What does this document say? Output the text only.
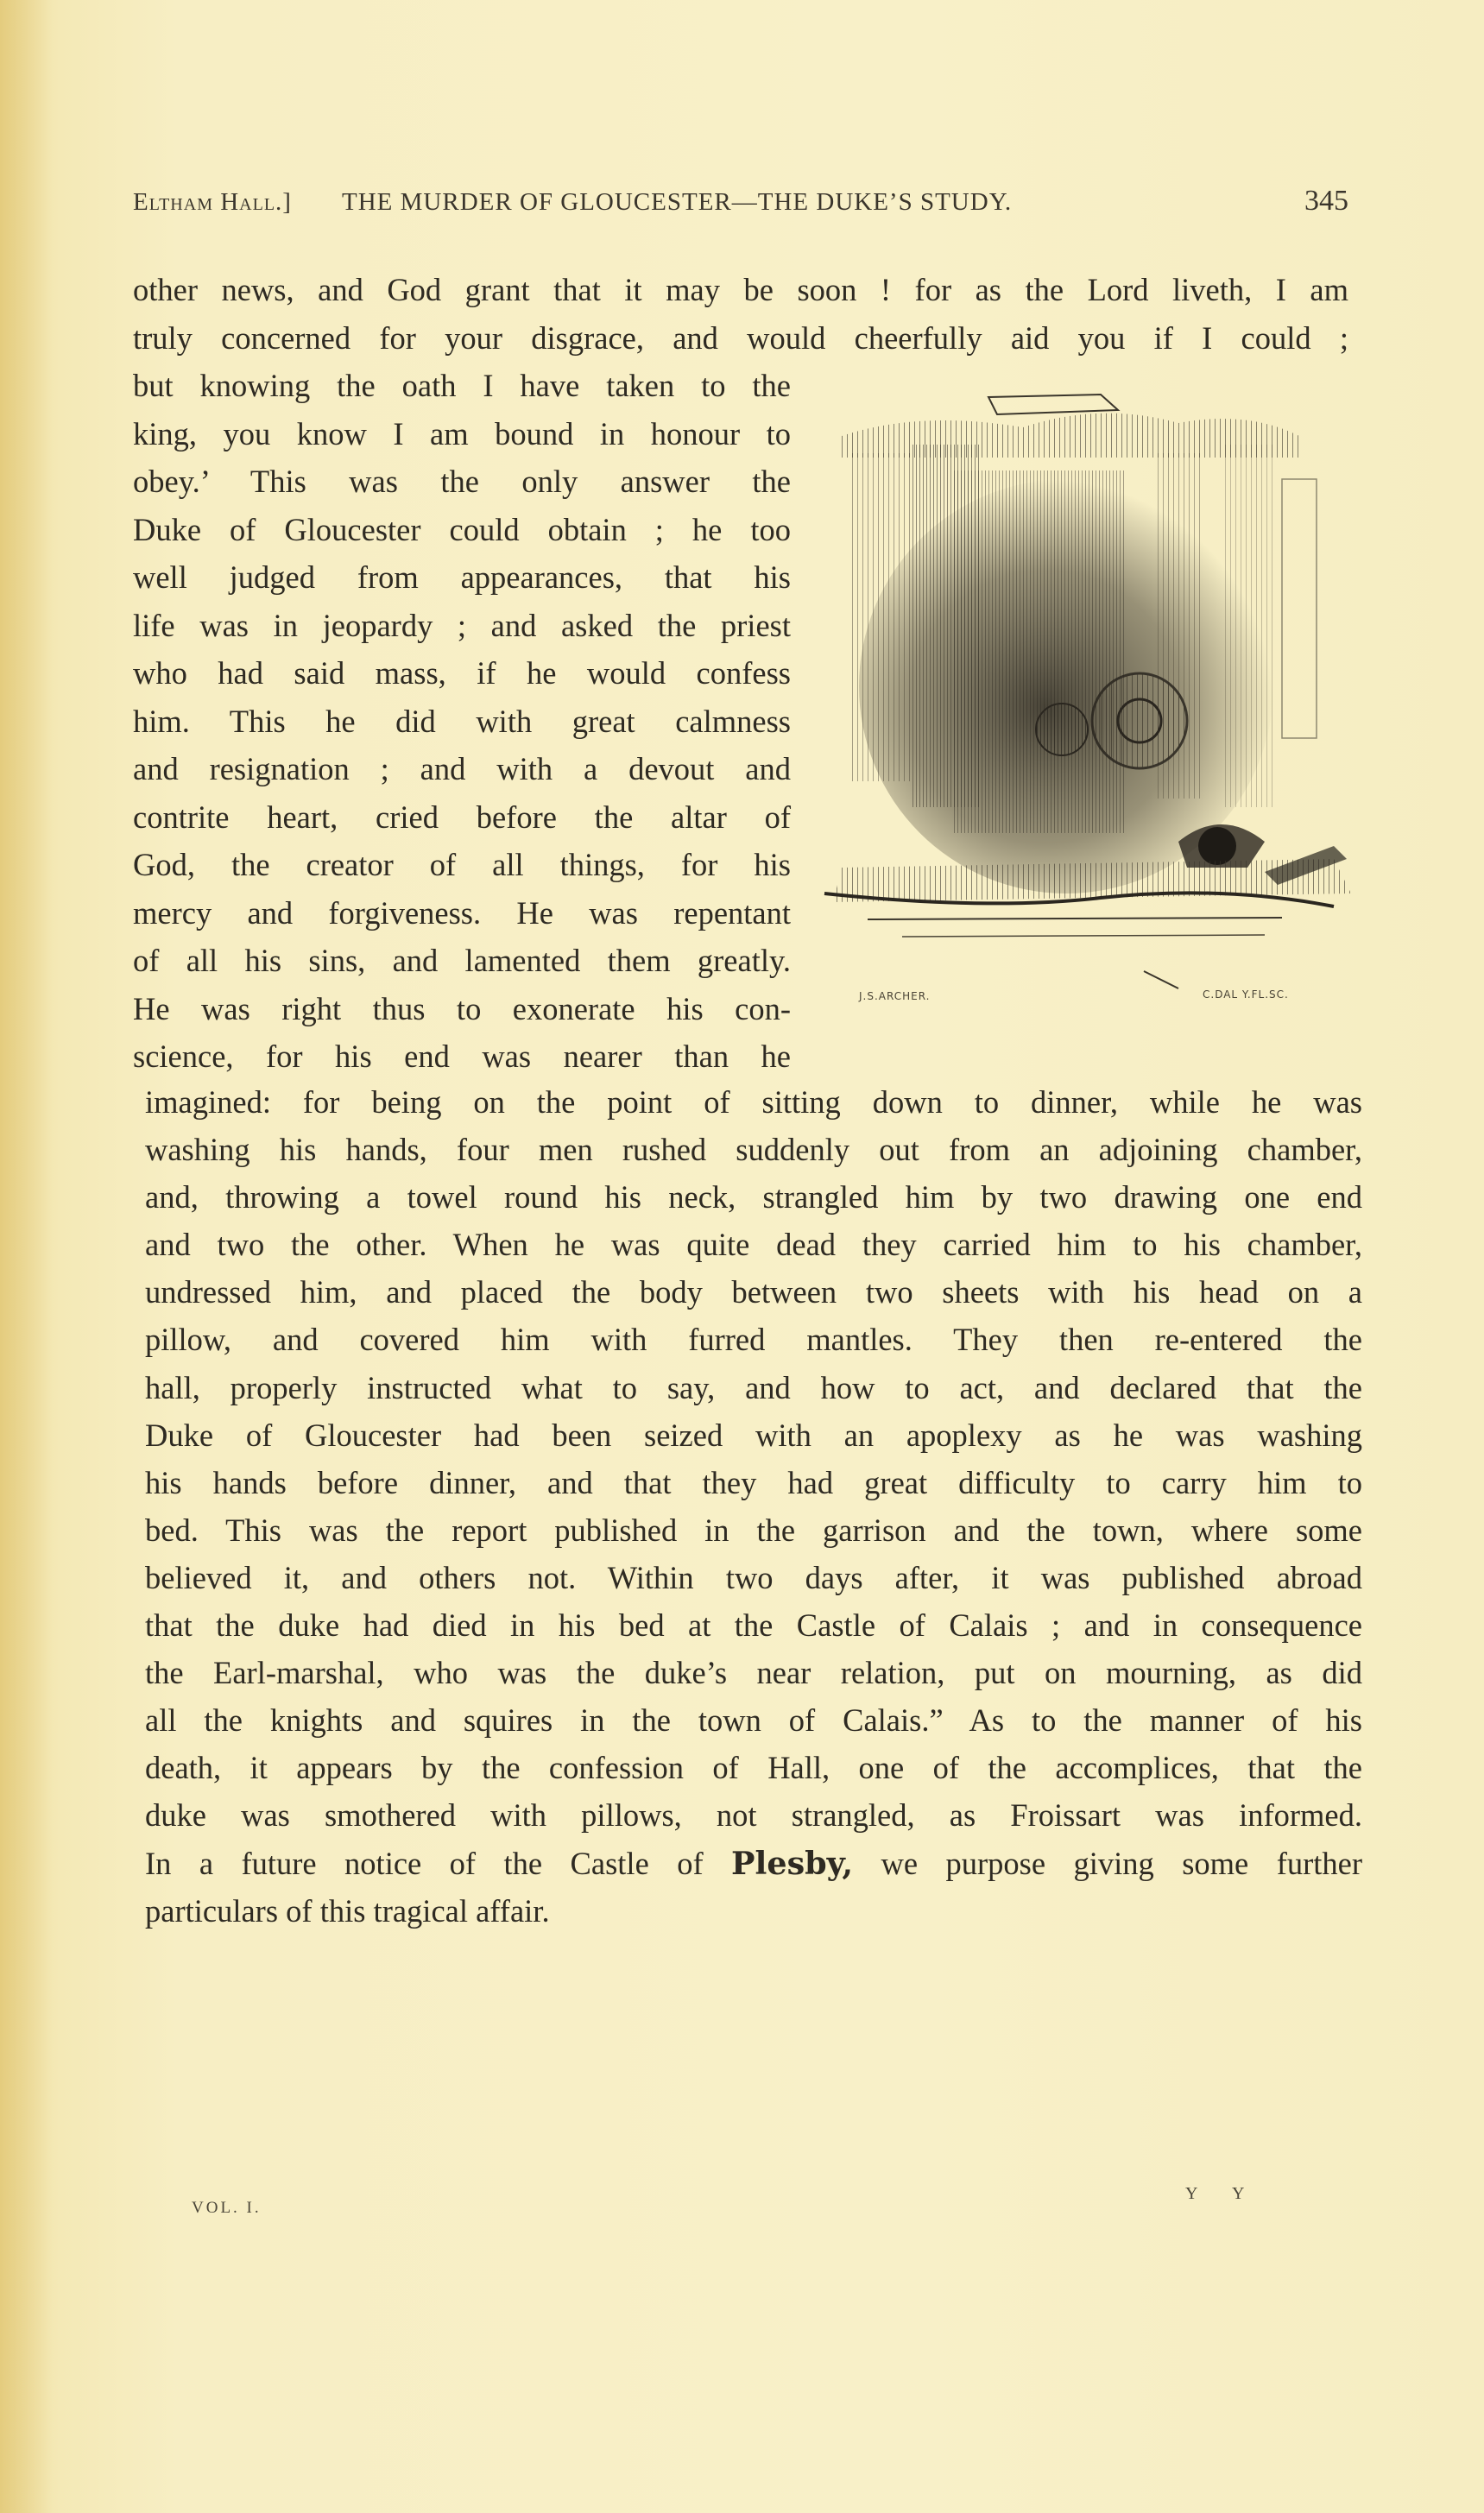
Eltham Hall.] THE MURDER OF GLOUCESTER—THE DUKE’S STUDY.	345
other news, and God grant that it may be soon ! for as the Lord liveth, I am
truly concerned for your disgrace, and would cheerfully aid you if I could ;
but knowing the oath I have taken to the
king, you know I am bound in honour to
obey.’ This was the only answer the
Duke of Gloucester could obtain ; he too
well judged from appearances, that his
life was in jeopardy ; and asked the priest
who had said mass, if he would confess
him. This he did with great calmness
and resignation ; and with a devout and
contrite heart, cried before the altar of
God, the creator of all things, for his
mercy and forgiveness. He was repentant
of all his sins, and lamented them greatly.
He was right thus to exonerate his con-
science, for his end was nearer than he
J.S.ARCHER.	C.DAL Y.FL.SC.
imagined: for being on the point of sitting down to dinner, while he was
washing his hands, four men rushed suddenly out from an adjoining chamber,
and, throwing a towel round his neck, strangled him by two drawing one end
and two the other. When he was quite dead they carried him to his chamber,
undressed him, and placed the body between two sheets with his head on a
pillow, and covered him with furred mantles. They then re-entered the
hall, properly instructed what to say, and how to act, and declared that the
Duke of Gloucester had been seized with an apoplexy as he was washing
his hands before dinner, and that they had great difficulty to carry him to
bed. This was the report published in the garrison and the town, where some
believed it, and others not. Within two days after, it was published abroad
that the duke had died in his bed at the Castle of Calais ; and in consequence
the Earl-marshal, who was the duke’s near relation, put on mourning, as did
all the knights and squires in the town of Calais.” As to the manner of his
death, it appears by the confession of Hall, one of the accomplices, that the
duke was smothered with pillows, not strangled, as Froissart was informed.
In a future notice of the Castle of Plesby, we purpose giving some further
particulars of this tragical affair.
VOL. I.
Y Y
